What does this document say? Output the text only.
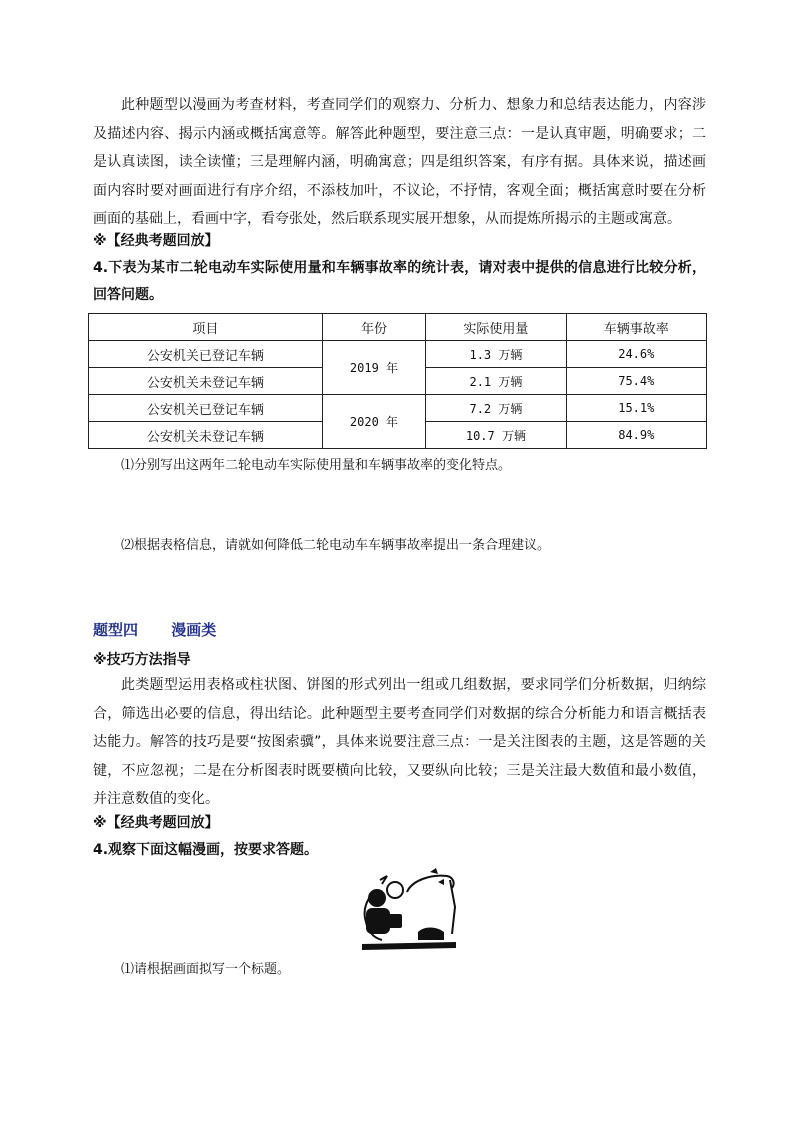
此种题型以漫画为考查材料，考查同学们的观察力、分析力、想象力和总结表达能力，内容涉及描述内容、揭示内涵或概括寓意等。解答此种题型，要注意三点：一是认真审题，明确要求；二是认真读图，读全读懂；三是理解内涵，明确寓意；四是组织答案，有序有据。具体来说，描述画面内容时要对画面进行有序介绍，不添枝加叶，不议论，不抒情，客观全面；概括寓意时要在分析画面的基础上，看画中字，看夸张处，然后联系现实展开想象，从而提炼所揭示的主题或寓意。
※【经典考题回放】
4.下表为某市二轮电动车实际使用量和车辆事故率的统计表，请对表中提供的信息进行比较分析，回答问题。
项目	年份	实际使用量	车辆事故率
公安机关已登记车辆	2019 年	1.3 万辆	24.6%
公安机关未登记车辆		2.1 万辆	75.4%
公安机关已登记车辆	2020 年	7.2 万辆	15.1%
公安机关未登记车辆		10.7 万辆	84.9%
⑴分别写出这两年二轮电动车实际使用量和车辆事故率的变化特点。
⑵根据表格信息，请就如何降低二轮电动车车辆事故率提出一条合理建议。
题型四 漫画类
※技巧方法指导
此类题型运用表格或柱状图、饼图的形式列出一组或几组数据，要求同学们分析数据，归纳综合，筛选出必要的信息，得出结论。此种题型主要考查同学们对数据的综合分析能力和语言概括表达能力。解答的技巧是要“按图索骥”，具体来说要注意三点：一是关注图表的主题，这是答题的关键，不应忽视；二是在分析图表时既要横向比较，又要纵向比较；三是关注最大数值和最小数值，并注意数值的变化。
※【经典考题回放】
4.观察下面这幅漫画，按要求答题。
⑴请根据画面拟写一个标题。
